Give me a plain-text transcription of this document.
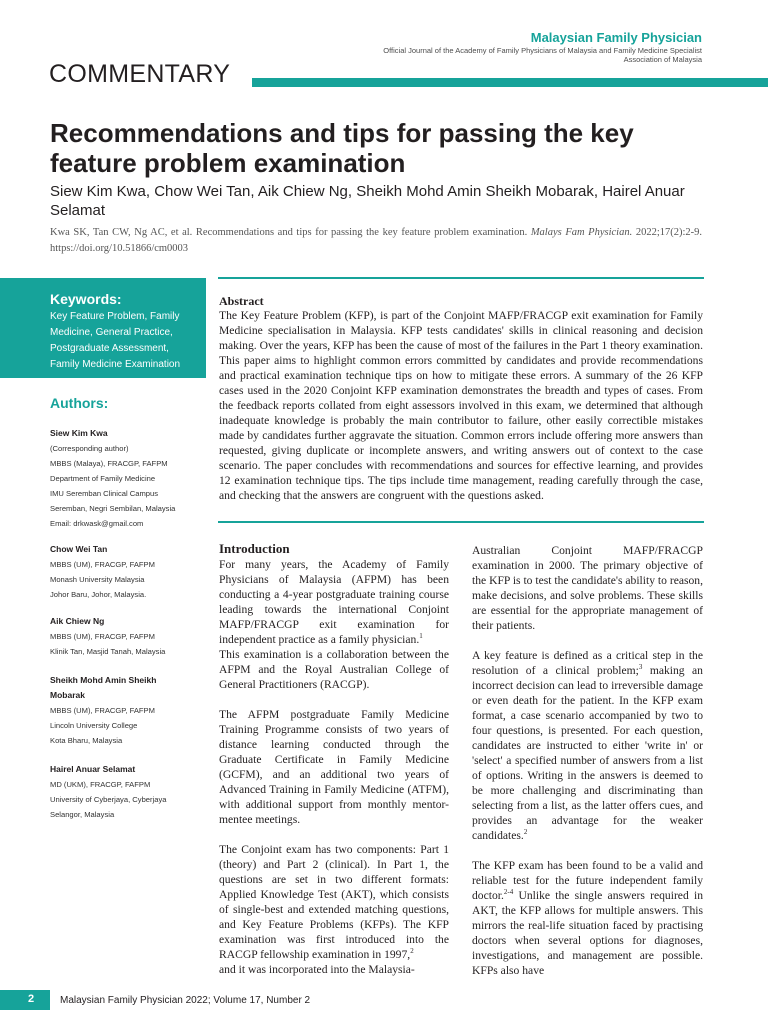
Malaysian Family Physician
Official Journal of the Academy of Family Physicians of Malaysia and Family Medicine Specialist Association of Malaysia
COMMENTARY
Recommendations and tips for passing the key feature problem examination
Siew Kim Kwa, Chow Wei Tan, Aik Chiew Ng, Sheikh Mohd Amin Sheikh Mobarak, Hairel Anuar Selamat
Kwa SK, Tan CW, Ng AC, et al. Recommendations and tips for passing the key feature problem examination. Malays Fam Physician. 2022;17(2):2-9. https://doi.org/10.51866/cm0003
Keywords:
Key Feature Problem, Family Medicine, General Practice, Postgraduate Assessment, Family Medicine Examination
Authors:
Siew Kim Kwa
(Corresponding author)
MBBS (Malaya), FRACGP, FAFPM
Department of Family Medicine
IMU Seremban Clinical Campus
Seremban, Negri Sembilan, Malaysia
Email: drkwask@gmail.com
Chow Wei Tan
MBBS (UM), FRACGP, FAFPM
Monash University Malaysia
Johor Baru, Johor, Malaysia.
Aik Chiew Ng
MBBS (UM), FRACGP, FAFPM
Klinik Tan, Masjid Tanah, Malaysia
Sheikh Mohd Amin Sheikh Mobarak
MBBS (UM), FRACGP, FAFPM
Lincoln University College
Kota Bharu, Malaysia
Hairel Anuar Selamat
MD (UKM), FRACGP, FAFPM
University of Cyberjaya, Cyberjaya
Selangor, Malaysia
Abstract
The Key Feature Problem (KFP), is part of the Conjoint MAFP/FRACGP exit examination for Family Medicine specialisation in Malaysia. KFP tests candidates' skills in clinical reasoning and decision making. Over the years, KFP has been the cause of most of the failures in the Part 1 theory examination. This paper aims to highlight common errors committed by candidates and provide recommendations and practical examination technique tips on how to mitigate these errors. A summary of the 26 KFP cases used in the 2020 Conjoint KFP examination demonstrates the breadth and types of cases. From the feedback reports collated from eight assessors involved in this exam, we determined that although inadequate knowledge is probably the main contributor to failure, other easily correctible mistakes made by candidates further aggravate the situation. Common errors include offering more answers than requested, giving duplicate or incomplete answers, and writing answers out of context to the case scenario. The paper concludes with recommendations and sources for effective learning, and provides 12 examination technique tips. The tips include time management, reading carefully through the case, and checking that the answers are congruent with the questions asked.
Introduction

For many years, the Academy of Family Physicians of Malaysia (AFPM) has been conducting a 4-year postgraduate training course leading towards the international Conjoint MAFP/FRACGP exit examination for independent practice as a family physician.$^1$

This examination is a collaboration between the AFPM and the Royal Australian College of General Practitioners (RACGP).

The AFPM postgraduate Family Medicine Training Programme consists of two years of distance learning conducted through the Graduate Certificate in Family Medicine (GCFM), and an additional two years of Advanced Training in Family Medicine (ATFM), with additional support from monthly mentor-mentee meetings.

The Conjoint exam has two components: Part 1 (theory) and Part 2 (clinical). In Part 1, the questions are set in two different formats: Applied Knowledge Test (AKT), which consists of single-best and extended matching questions, and Key Feature Problems (KFPs). The KFP examination was first introduced into the RACGP fellowship examination in 1997,$^2$

and it was incorporated into the Malaysia-

Australian Conjoint MAFP/FRACGP examination in 2000. The primary objective of the KFP is to test the candidate's ability to reason, make decisions, and solve problems. These skills are essential for the appropriate management of their patients.

A key feature is defined as a critical step in the resolution of a clinical problem;$^3$ making an incorrect decision can lead to irreversible damage or even death for the patient. In the KFP exam format, a case scenario accompanied by two to four questions, is presented. For each question, candidates are instructed to either 'write in' or 'select' a specified number of answers from a list of options. Writing in the answers is deemed to be more challenging and discriminating than selecting from a list, as the latter offers cues, and provides an advantage for the weaker candidates.$^2$

The KFP exam has been found to be a valid and reliable test for the future independent family doctor.$^{2-4}$ Unlike the single answers required in AKT, the KFP allows for multiple answers. This mirrors the real-life situation faced by practising doctors when several options for diagnoses, investigations, and management are possible. KFPs also have

2	Malaysian Family Physician 2022; Volume 17, Number 2
